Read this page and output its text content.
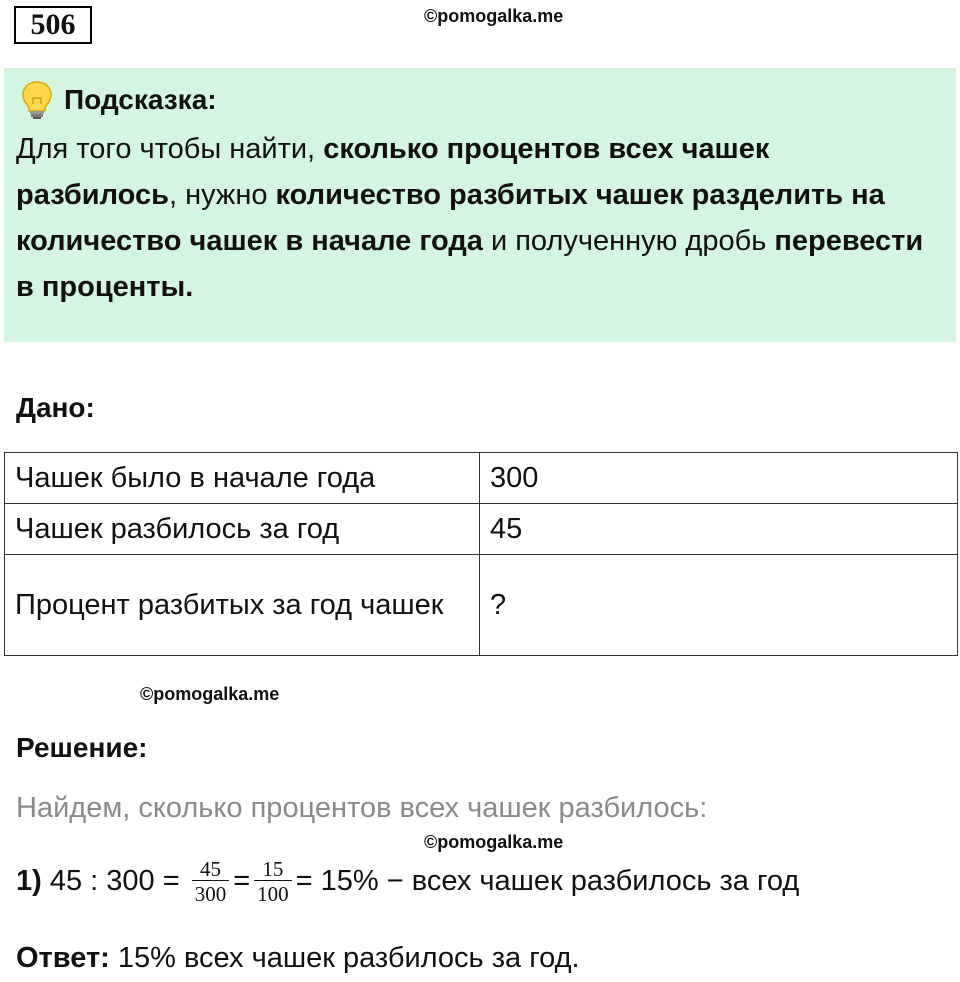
506	©pomogalka.me
Подсказка:
Для того чтобы найти, сколько процентов всех чашек разбилось, нужно количество разбитых чашек разделить на количество чашек в начале года и полученную дробь перевести в проценты.
Дано:
Чашек было в начале года	300
Чашек разбилось за год	45
Процент разбитых за год чашек	?
©pomogalka.me
Решение:
Найдем, сколько процентов всех чашек разбилось:
©pomogalka.me
1) 45 : $300 = \frac{45}{300} = \frac{15}{100} = 15\%$ − всех чашек разбилось за год
Ответ: 15% всех чашек разбилось за год.
